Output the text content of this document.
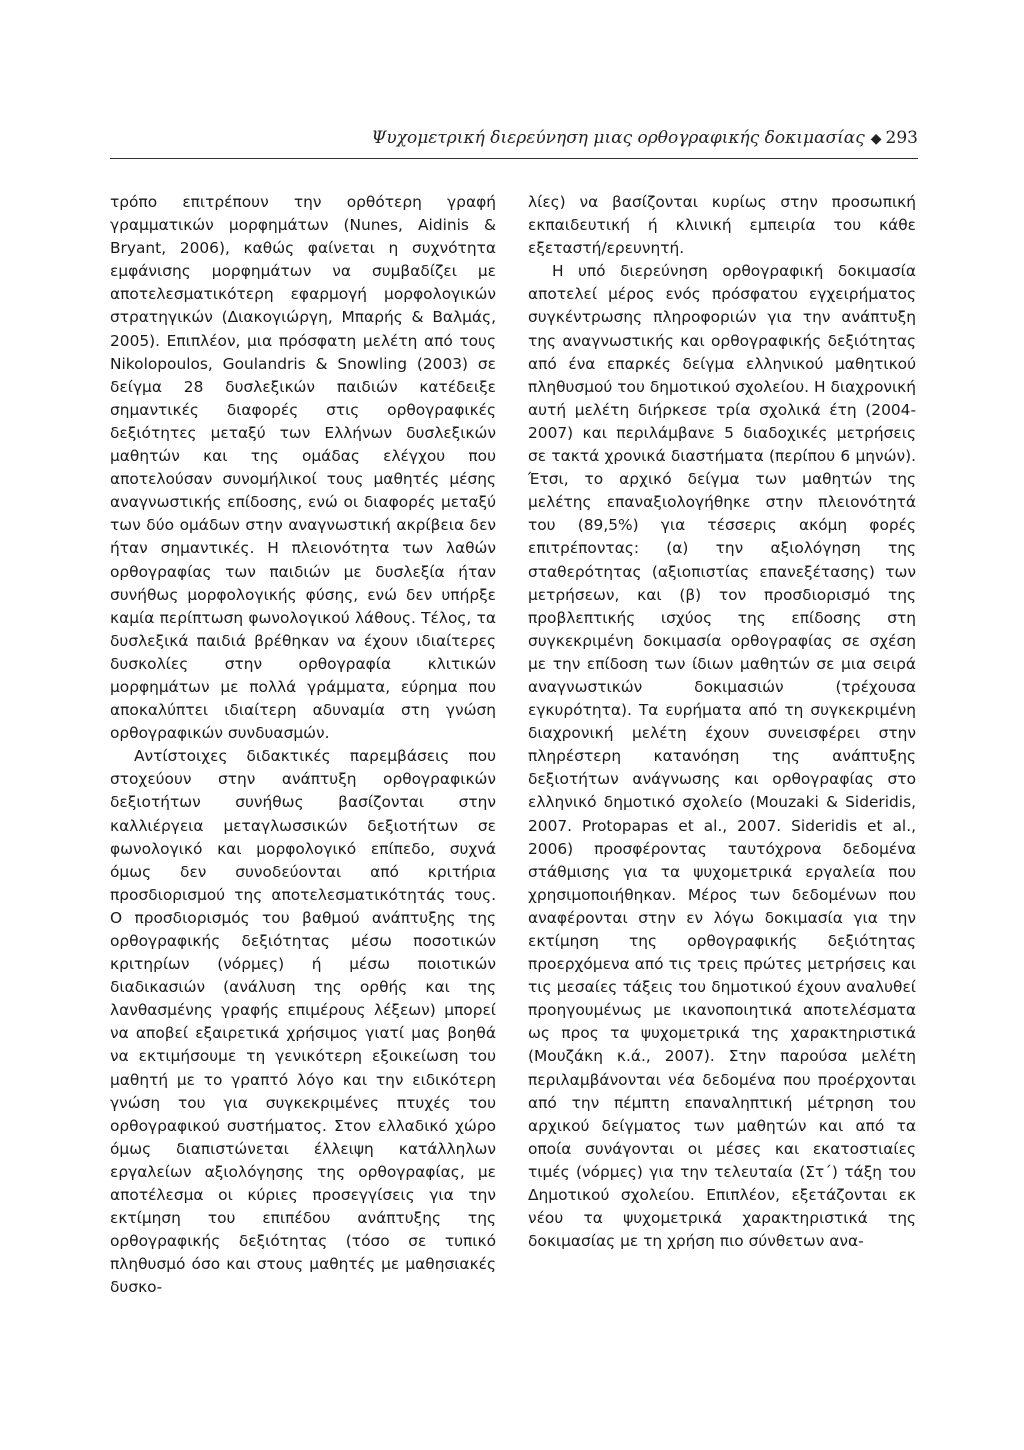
Ψυχομετρική διερεύνηση μιας ορθογραφικής δοκιμασίας ◆ 293

τρόπο επιτρέπουν την ορθότερη γραφή γραμματικών μορφημάτων (Nunes, Aidinis & Bryant, 2006), καθώς φαίνεται η συχνότητα εμφάνισης μορφημάτων να συμβαδίζει με αποτελεσματικότερη εφαρμογή μορφολογικών στρατηγικών (Διακογιώργη, Μπαρής & Βαλμάς, 2005). Επιπλέον, μια πρόσφατη μελέτη από τους Nikolopoulos, Goulandris & Snowling (2003) σε δείγμα 28 δυσλεξικών παιδιών κατέδειξε σημαντικές διαφορές στις ορθογραφικές δεξιότητες μεταξύ των Ελλήνων δυσλεξικών μαθητών και της ομάδας ελέγχου που αποτελούσαν συνομήλικοί τους μαθητές μέσης αναγνωστικής επίδοσης, ενώ οι διαφορές μεταξύ των δύο ομάδων στην αναγνωστική ακρίβεια δεν ήταν σημαντικές. Η πλειονότητα των λαθών ορθογραφίας των παιδιών με δυσλεξία ήταν συνήθως μορφολογικής φύσης, ενώ δεν υπήρξε καμία περίπτωση φωνολογικού λάθους. Τέλος, τα δυσλεξικά παιδιά βρέθηκαν να έχουν ιδιαίτερες δυσκολίες στην ορθογραφία κλιτικών μορφημάτων με πολλά γράμματα, εύρημα που αποκαλύπτει ιδιαίτερη αδυναμία στη γνώση ορθογραφικών συνδυασμών.

Αντίστοιχες διδακτικές παρεμβάσεις που στοχεύουν στην ανάπτυξη ορθογραφικών δεξιοτήτων συνήθως βασίζονται στην καλλιέργεια μεταγλωσσικών δεξιοτήτων σε φωνολογικό και μορφολογικό επίπεδο, συχνά όμως δεν συνοδεύονται από κριτήρια προσδιορισμού της αποτελεσματικότητάς τους. Ο προσδιορισμός του βαθμού ανάπτυξης της ορθογραφικής δεξιότητας μέσω ποσοτικών κριτηρίων (νόρμες) ή μέσω ποιοτικών διαδικασιών (ανάλυση της ορθής και της λανθασμένης γραφής επιμέρους λέξεων) μπορεί να αποβεί εξαιρετικά χρήσιμος γιατί μας βοηθά να εκτιμήσουμε τη γενικότερη εξοικείωση του μαθητή με το γραπτό λόγο και την ειδικότερη γνώση του για συγκεκριμένες πτυχές του ορθογραφικού συστήματος. Στον ελλαδικό χώρο όμως διαπιστώνεται έλλειψη κατάλληλων εργαλείων αξιολόγησης της ορθογραφίας, με αποτέλεσμα οι κύριες προσεγγίσεις για την εκτίμηση του επιπέδου ανάπτυξης της ορθογραφικής δεξιότητας (τόσο σε τυπικό πληθυσμό όσο και στους μαθητές με μαθησιακές δυσκο-

λίες) να βασίζονται κυρίως στην προσωπική εκπαιδευτική ή κλινική εμπειρία του κάθε εξεταστή/ερευνητή.

Η υπό διερεύνηση ορθογραφική δοκιμασία αποτελεί μέρος ενός πρόσφατου εγχειρήματος συγκέντρωσης πληροφοριών για την ανάπτυξη της αναγνωστικής και ορθογραφικής δεξιότητας από ένα επαρκές δείγμα ελληνικού μαθητικού πληθυσμού του δημοτικού σχολείου. Η διαχρονική αυτή μελέτη διήρκεσε τρία σχολικά έτη (2004-2007) και περιλάμβανε 5 διαδοχικές μετρήσεις σε τακτά χρονικά διαστήματα (περίπου 6 μηνών). Έτσι, το αρχικό δείγμα των μαθητών της μελέτης επαναξιολογήθηκε στην πλειονότητά του (89,5%) για τέσσερις ακόμη φορές επιτρέποντας: (α) την αξιολόγηση της σταθερότητας (αξιοπιστίας επανεξέτασης) των μετρήσεων, και (β) τον προσδιορισμό της προβλεπτικής ισχύος της επίδοσης στη συγκεκριμένη δοκιμασία ορθογραφίας σε σχέση με την επίδοση των ίδιων μαθητών σε μια σειρά αναγνωστικών δοκιμασιών (τρέχουσα εγκυρότητα). Τα ευρήματα από τη συγκεκριμένη διαχρονική μελέτη έχουν συνεισφέρει στην πληρέστερη κατανόηση της ανάπτυξης δεξιοτήτων ανάγνωσης και ορθογραφίας στο ελληνικό δημοτικό σχολείο (Mouzaki & Sideridis, 2007. Protopapas et al., 2007. Sideridis et al., 2006) προσφέροντας ταυτόχρονα δεδομένα στάθμισης για τα ψυχομετρικά εργαλεία που χρησιμοποιήθηκαν. Μέρος των δεδομένων που αναφέρονται στην εν λόγω δοκιμασία για την εκτίμηση της ορθογραφικής δεξιότητας προερχόμενα από τις τρεις πρώτες μετρήσεις και τις μεσαίες τάξεις του δημοτικού έχουν αναλυθεί προηγουμένως με ικανοποιητικά αποτελέσματα ως προς τα ψυχομετρικά της χαρακτηριστικά (Μουζάκη κ.ά., 2007). Στην παρούσα μελέτη περιλαμβάνονται νέα δεδομένα που προέρχονται από την πέμπτη επαναληπτική μέτρηση του αρχικού δείγματος των μαθητών και από τα οποία συνάγονται οι μέσες και εκατοστιαίες τιμές (νόρμες) για την τελευταία (Στ΄) τάξη του Δημοτικού σχολείου. Επιπλέον, εξετάζονται εκ νέου τα ψυχομετρικά χαρακτηριστικά της δοκιμασίας με τη χρήση πιο σύνθετων ανα-
